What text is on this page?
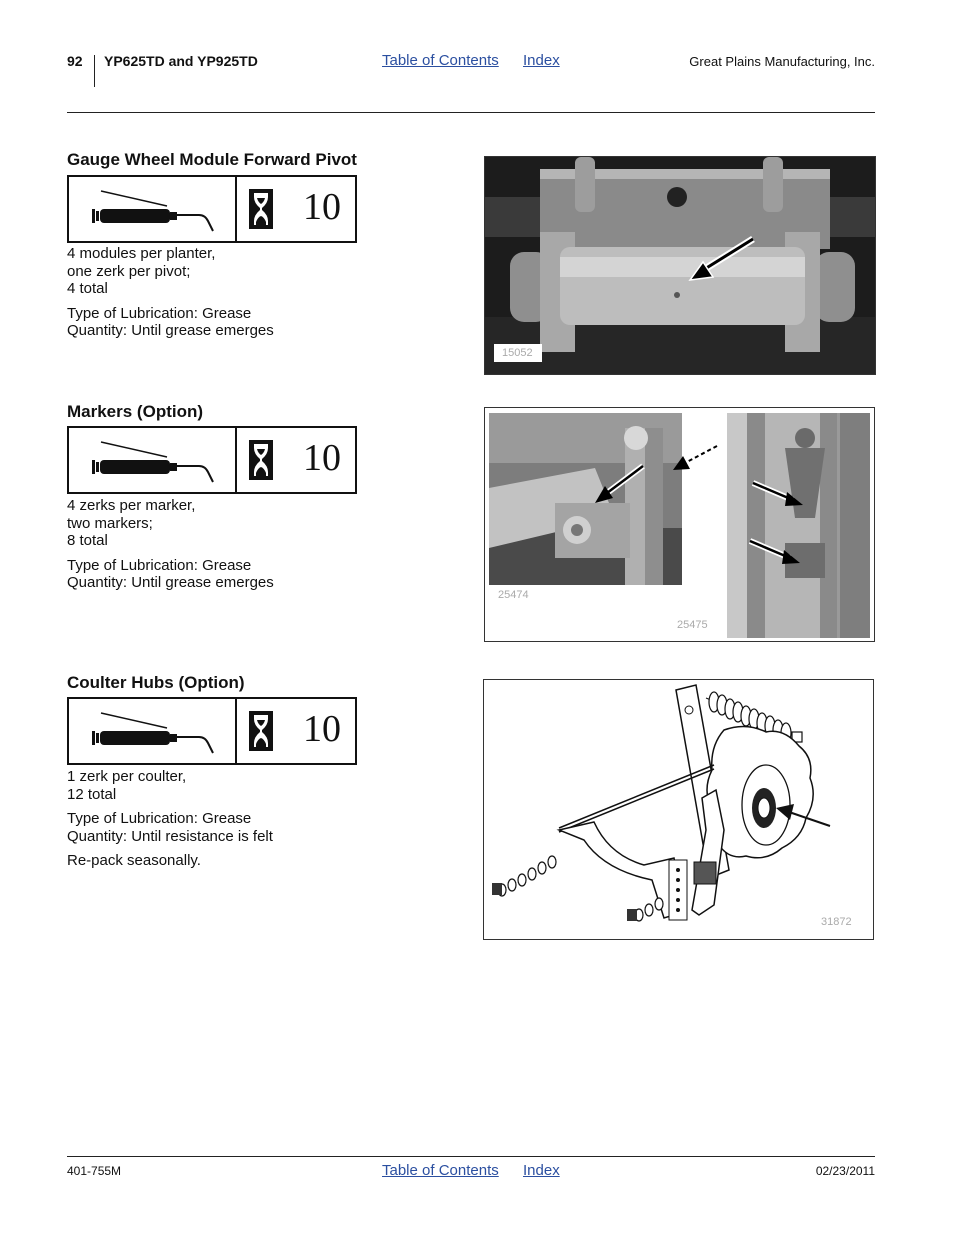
92 YP625TD and YP925TD	Table of Contents Index	Great Plains Manufacturing, Inc.
Gauge Wheel Module Forward Pivot
10
4 modules per planter,
one zerk per pivot;
4 total
Type of Lubrication: Grease
Quantity: Until grease emerges
15052
Markers (Option)
10
4 zerks per marker,
two markers;
8 total
Type of Lubrication: Grease
Quantity: Until grease emerges
25474
25475
Coulter Hubs (Option)
10
1 zerk per coulter,
12 total
Type of Lubrication: Grease
Quantity: Until resistance is felt
Re-pack seasonally.
31872
401-755M	Table of Contents Index	02/23/2011
